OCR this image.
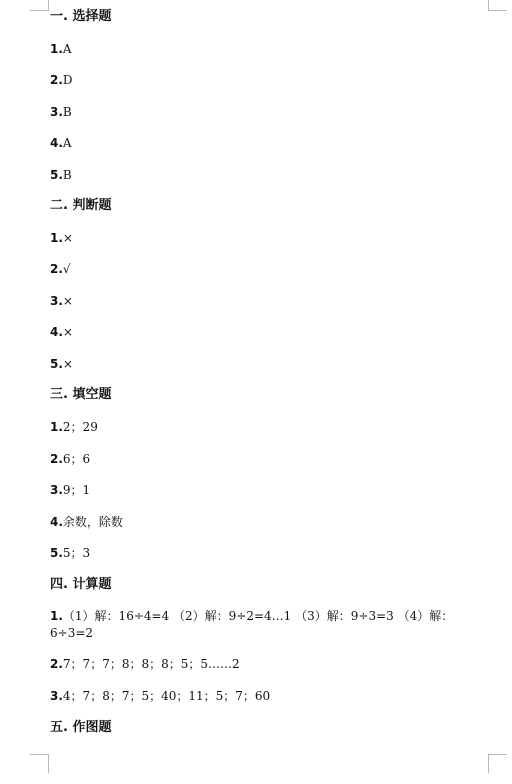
一. 选择题
1.A
2.D
3.B
4.A
5.B
二. 判断题
1.×
2.√
3.×
4.×
5.×
三. 填空题
1.2；29
2.6；6
3.9；1
4.余数，除数
5.5；3
四. 计算题
1.（1）解：16÷4=4 （2）解：9÷2=4…1 （3）解：9÷3=3 （4）解：
6÷3=2
2.7；7；7；8；8；8；5；5……2
3.4；7；8；7；5；40；11；5；7；60
五. 作图题
